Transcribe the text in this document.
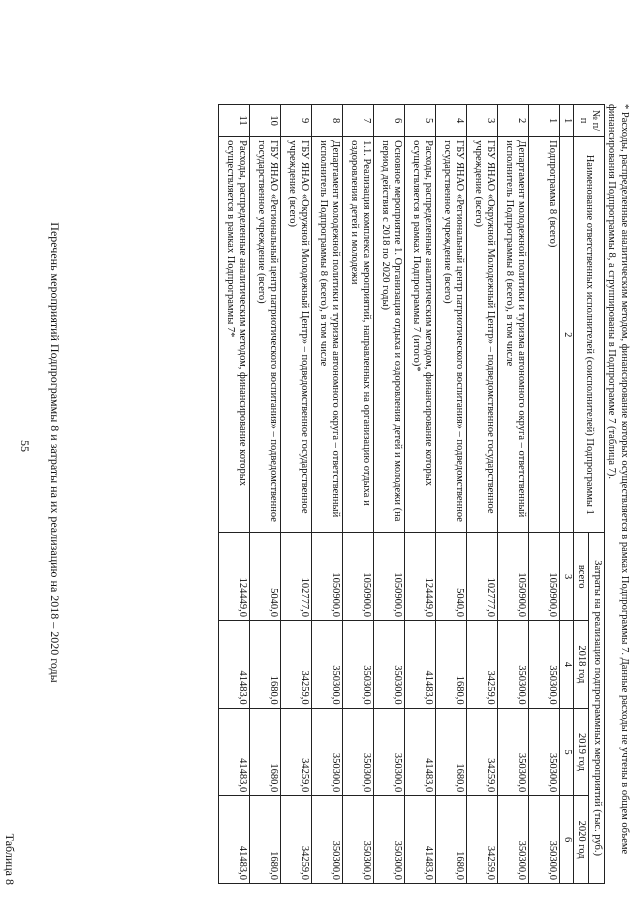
55
Таблица 8
Перечень мероприятий Подпрограммы 8 и затраты на их реализацию на 2018 – 2020 годы
№ п/п	Наименование ответственных исполнителей (соисполнителей) Подпрограммы 1	Затраты на реализацию подпрограммных мероприятий (тыс. руб.)			
		всего	2018 год	2019 год	2020 год
1	2	3	4	5	6
1	Подпрограмма 8 (всего)	1050900,0	350300,0	350300,0	350300,0
2	Департамент молодежной политики и туризма автономного округа – ответственный исполнитель Подпрограммы 8 (всего), в том числе	1050900,0	350300,0	350300,0	350300,0
3	ГБУ ЯНАО «Окружной Молодежный Центр» – подведомственное государственное учреждение (всего)	102777,0	34259,0	34259,0	34259,0
4	ГБУ ЯНАО «Региональный центр патриотического воспитания» – подведомственное государственное учреждение (всего)	5040,0	1680,0	1680,0	1680,0
5	Расходы, распределенные аналитическим методом, финансирование которых осуществляется в рамках Подпрограммы 7 (итого)*	124449,0	41483,0	41483,0	41483,0
6	Основное мероприятие 1. Организация отдыха и оздоровления детей и молодежи (на период действия с 2018 по 2020 годы)	1050900,0	350300,0	350300,0	350300,0
7	1.1. Реализация комплекса мероприятий, направленных на организацию отдыха и оздоровления детей и молодежи	1050900,0	350300,0	350300,0	350300,0
8	Департамент молодежной политики и туризма автономного округа – ответственный исполнитель Подпрограммы 8 (всего), в том числе	1050900,0	350300,0	350300,0	350300,0
9	ГБУ ЯНАО «Окружной Молодежный Центр» – подведомственное государственное учреждение (всего)	102777,0	34259,0	34259,0	34259,0
10	ГБУ ЯНАО «Региональный центр патриотического воспитания» – подведомственное государственное учреждение (всего)	5040,0	1680,0	1680,0	1680,0
11	Расходы, распределенные аналитическим методом, финансирование которых осуществляется в рамках Подпрограммы 7*	124449,0	41483,0	41483,0	41483,0
* Расходы, распределенные аналитическим методом, финансирование которых осуществляется в рамках Подпрограммы 7. Данные расходы не учтены в общем объеме финансирования Подпрограммы 8, а сгруппированы в Подпрограмме 7 (таблица 7).
